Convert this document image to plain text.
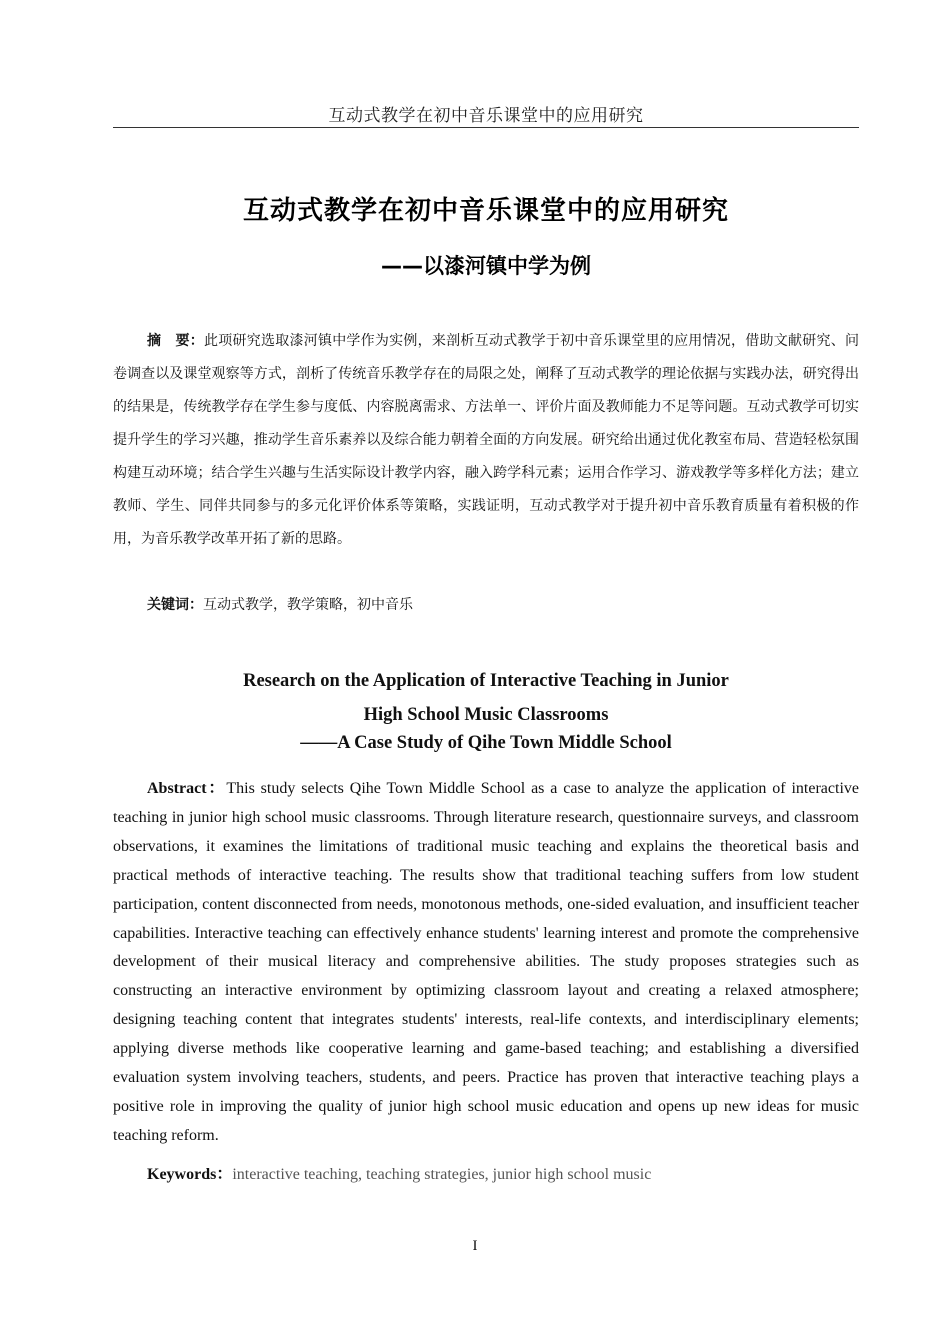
互动式教学在初中音乐课堂中的应用研究
互动式教学在初中音乐课堂中的应用研究
——以漆河镇中学为例
摘　要：此项研究选取漆河镇中学作为实例，来剖析互动式教学于初中音乐课堂里的应用情况，借助文献研究、问卷调查以及课堂观察等方式，剖析了传统音乐教学存在的局限之处，阐释了互动式教学的理论依据与实践办法，研究得出的结果是，传统教学存在学生参与度低、内容脱离需求、方法单一、评价片面及教师能力不足等问题。互动式教学可切实提升学生的学习兴趣，推动学生音乐素养以及综合能力朝着全面的方向发展。研究给出通过优化教室布局、营造轻松氛围构建互动环境；结合学生兴趣与生活实际设计教学内容，融入跨学科元素；运用合作学习、游戏教学等多样化方法；建立教师、学生、同伴共同参与的多元化评价体系等策略，实践证明，互动式教学对于提升初中音乐教育质量有着积极的作用，为音乐教学改革开拓了新的思路。
关键词：互动式教学，教学策略，初中音乐
Research on the Application of Interactive Teaching in Junior
High School Music Classrooms
——A Case Study of Qihe Town Middle School
Abstract：This study selects Qihe Town Middle School as a case to analyze the application of interactive teaching in junior high school music classrooms. Through literature research, questionnaire surveys, and classroom observations, it examines the limitations of traditional music teaching and explains the theoretical basis and practical methods of interactive teaching. The results show that traditional teaching suffers from low student participation, content disconnected from needs, monotonous methods, one-sided evaluation, and insufficient teacher capabilities. Interactive teaching can effectively enhance students' learning interest and promote the comprehensive development of their musical literacy and comprehensive abilities. The study proposes strategies such as constructing an interactive environment by optimizing classroom layout and creating a relaxed atmosphere; designing teaching content that integrates students' interests, real-life contexts, and interdisciplinary elements; applying diverse methods like cooperative learning and game-based teaching; and establishing a diversified evaluation system involving teachers, students, and peers. Practice has proven that interactive teaching plays a positive role in improving the quality of junior high school music education and opens up new ideas for music teaching reform.
Keywords：interactive teaching, teaching strategies, junior high school music
I
